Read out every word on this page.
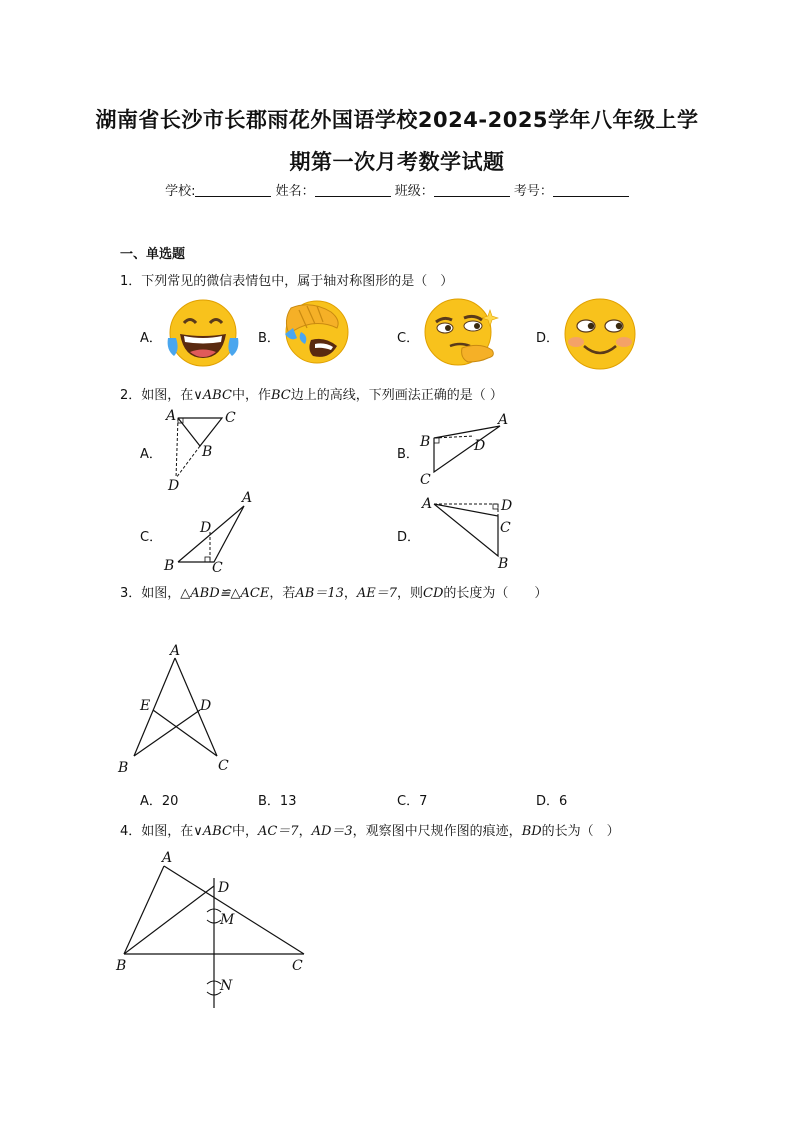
湖南省长沙市长郡雨花外国语学校2024-2025学年八年级上学
期第一次月考数学试题
学校:	姓名：	班级：	考号：
一、单选题
1．下列常见的微信表情包中，属于轴对称图形的是（　）
A．	B．	C．	D．
2．如图，在∨ABC中，作BC边上的高线，下列画法正确的是（ ）
A．	B．
C．	D．
A	C
B
D
B
A
D
C
A
D
B	C
A	D
C
B
3．如图，△ABD≌△ACE，若AB＝13，AE＝7，则CD的长度为（　　）
A
E	D
B	C
A．20	B．13	C．7	D．6
4．如图，在∨ABC中，AC＝7，AD＝3，观察图中尺规作图的痕迹，BD的长为（　）
A
D
M
B	C
N
